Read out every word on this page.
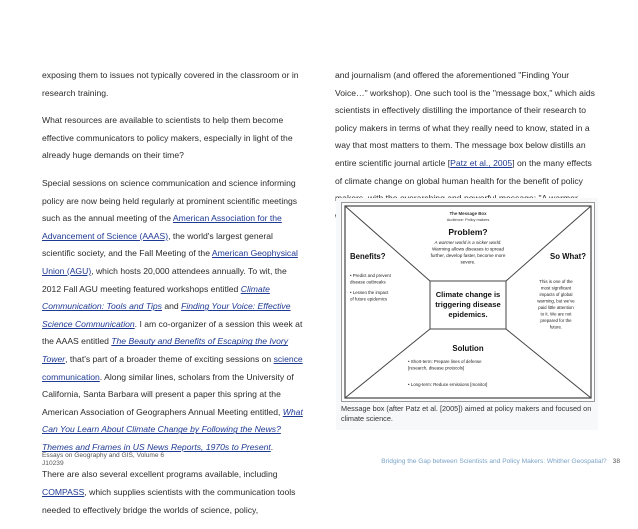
exposing them to issues not typically covered in the classroom or in research training.

What resources are available to scientists to help them become effective communicators to policy makers, especially in light of the already huge demands on their time?

Special sessions on science communication and science informing policy are now being held regularly at prominent scientific meetings such as the annual meeting of the American Association for the Advancement of Science (AAAS), the world's largest general scientific society, and the Fall Meeting of the American Geophysical Union (AGU), which hosts 20,000 attendees annually. To wit, the 2012 Fall AGU meeting featured workshops entitled Climate Communication: Tools and Tips and Finding Your Voice: Effective Science Communication. I am co-organizer of a session this week at the AAAS entitled The Beauty and Benefits of Escaping the Ivory Tower, that's part of a broader theme of exciting sessions on science communication. Along similar lines, scholars from the University of California, Santa Barbara will present a paper this spring at the American Association of Geographers Annual Meeting entitled, What Can You Learn About Climate Change by Following the News? Themes and Frames in US News Reports, 1970s to Present.

There are also several excellent programs available, including COMPASS, which supplies scientists with the communication tools needed to effectively bridge the worlds of science, policy,

and journalism (and offered the aforementioned "Finding Your Voice…" workshop). One such tool is the "message box," which aids scientists in effectively distilling the importance of their research to policy makers in terms of what they really need to know, stated in a way that most matters to them. The message box below distills an entire scientific journal article [Patz et al., 2005] on the many effects of climate change on global human health for the benefit of policy

The Message Box
Audience: Policy makers
Problem?
A warmer world is a sicker world.
Warming allows diseases to spread
further, develop faster, become more
severe.
Benefits?
• Predict and prevent
disease outbreaks
• Lessen the impact
of future epidemics	Climate change is
triggering disease
epidemics.
So What?
This is one of the
most significant
impacts of global
warming, but we've
paid little attention
to it. We are not
prepared for the
future.
Solution
• Short-term: Prepare lines of defense
[research, disease protocols]
• Long-term: Reduce emissions [monitor]
Message box (after Patz et al. [2005]) aimed at policy makers and focused on climate science.
Essays on Geography and GIS, Volume 6
J10239	Bridging the Gap between Scientists and Policy Makers: Whither Geospatial? 38
